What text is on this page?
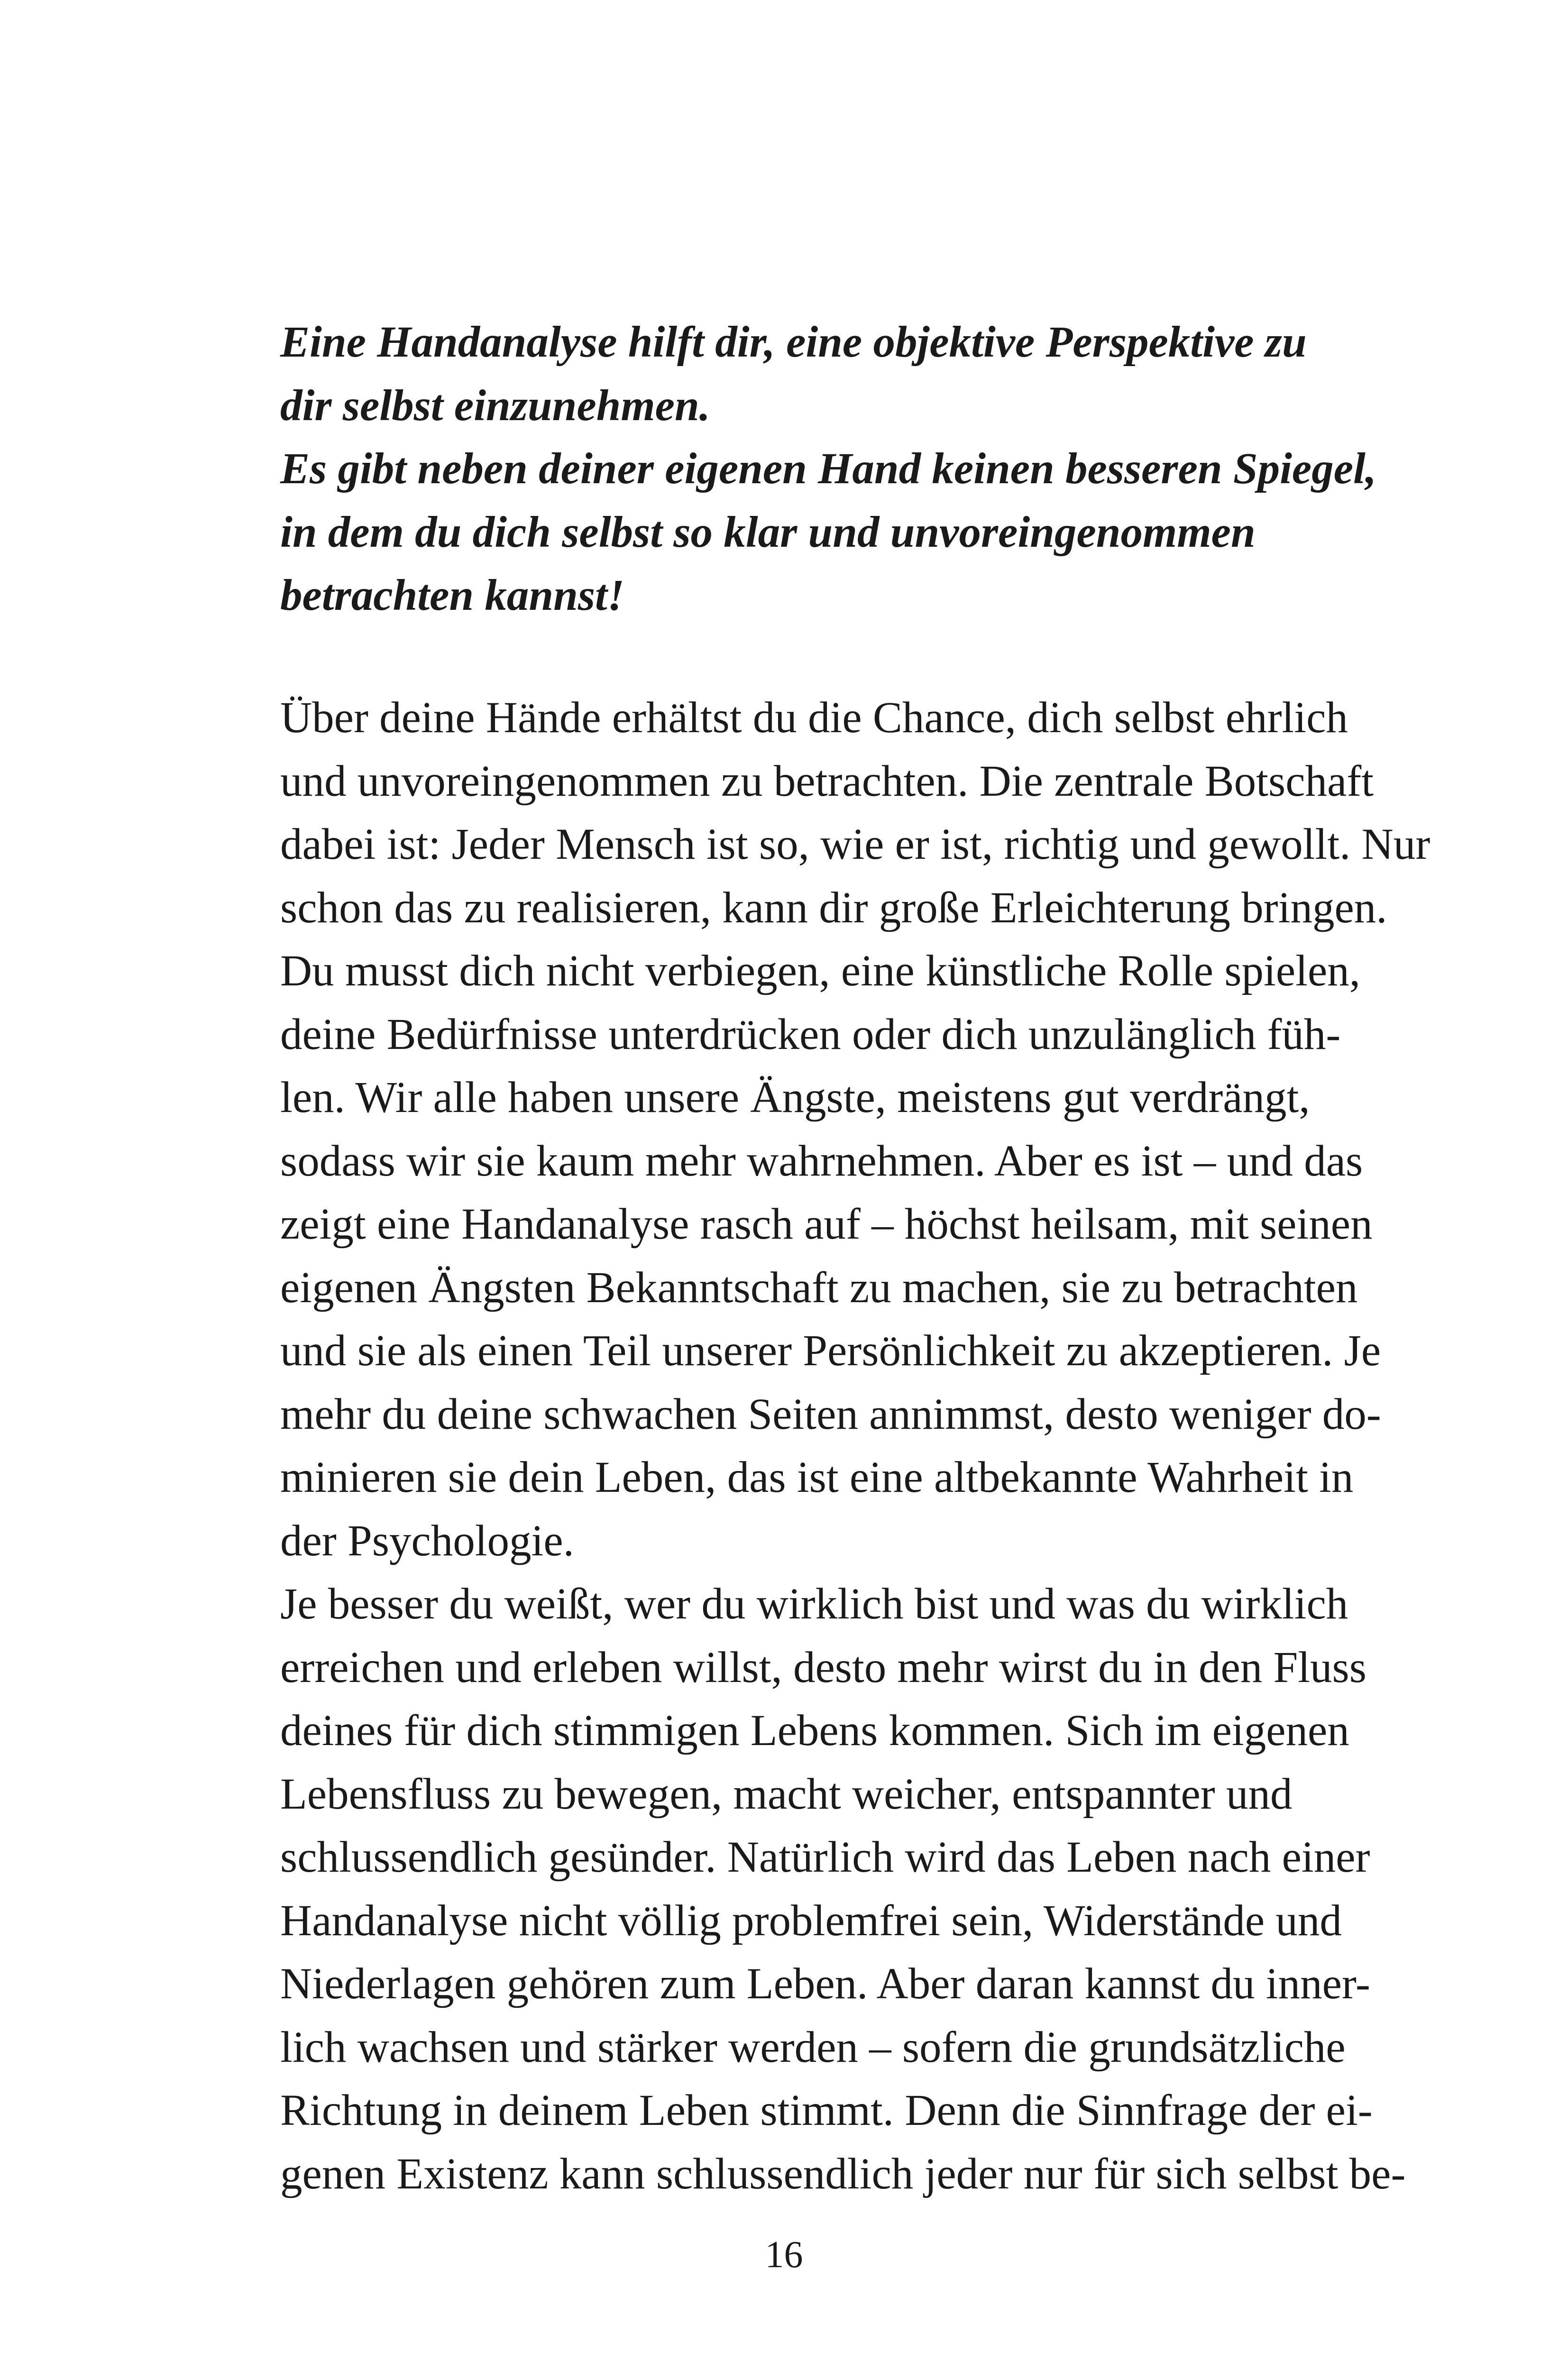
Eine Handanalyse hilft dir, eine objektive Perspektive zu
dir selbst einzunehmen.
Es gibt neben deiner eigenen Hand keinen besseren Spiegel,
in dem du dich selbst so klar und unvoreingenommen
betrachten kannst!
Über deine Hände erhältst du die Chance, dich selbst ehrlich
und unvoreingenommen zu betrachten. Die zentrale Botschaft
dabei ist: Jeder Mensch ist so, wie er ist, richtig und gewollt. Nur
schon das zu realisieren, kann dir große Erleichterung bringen.
Du musst dich nicht verbiegen, eine künstliche Rolle spielen,
deine Bedürfnisse unterdrücken oder dich unzulänglich füh-
len. Wir alle haben unsere Ängste, meistens gut verdrängt,
sodass wir sie kaum mehr wahrnehmen. Aber es ist – und das
zeigt eine Handanalyse rasch auf – höchst heilsam, mit seinen
eigenen Ängsten Bekanntschaft zu machen, sie zu betrachten
und sie als einen Teil unserer Persönlichkeit zu akzeptieren. Je
mehr du deine schwachen Seiten annimmst, desto weniger do-
minieren sie dein Leben, das ist eine altbekannte Wahrheit in
der Psychologie.
Je besser du weißt, wer du wirklich bist und was du wirklich
erreichen und erleben willst, desto mehr wirst du in den Fluss
deines für dich stimmigen Lebens kommen. Sich im eigenen
Lebensfluss zu bewegen, macht weicher, entspannter und
schlussendlich gesünder. Natürlich wird das Leben nach einer
Handanalyse nicht völlig problemfrei sein, Widerstände und
Niederlagen gehören zum Leben. Aber daran kannst du inner-
lich wachsen und stärker werden – sofern die grundsätzliche
Richtung in deinem Leben stimmt. Denn die Sinnfrage der ei-
genen Existenz kann schlussendlich jeder nur für sich selbst be-
16
